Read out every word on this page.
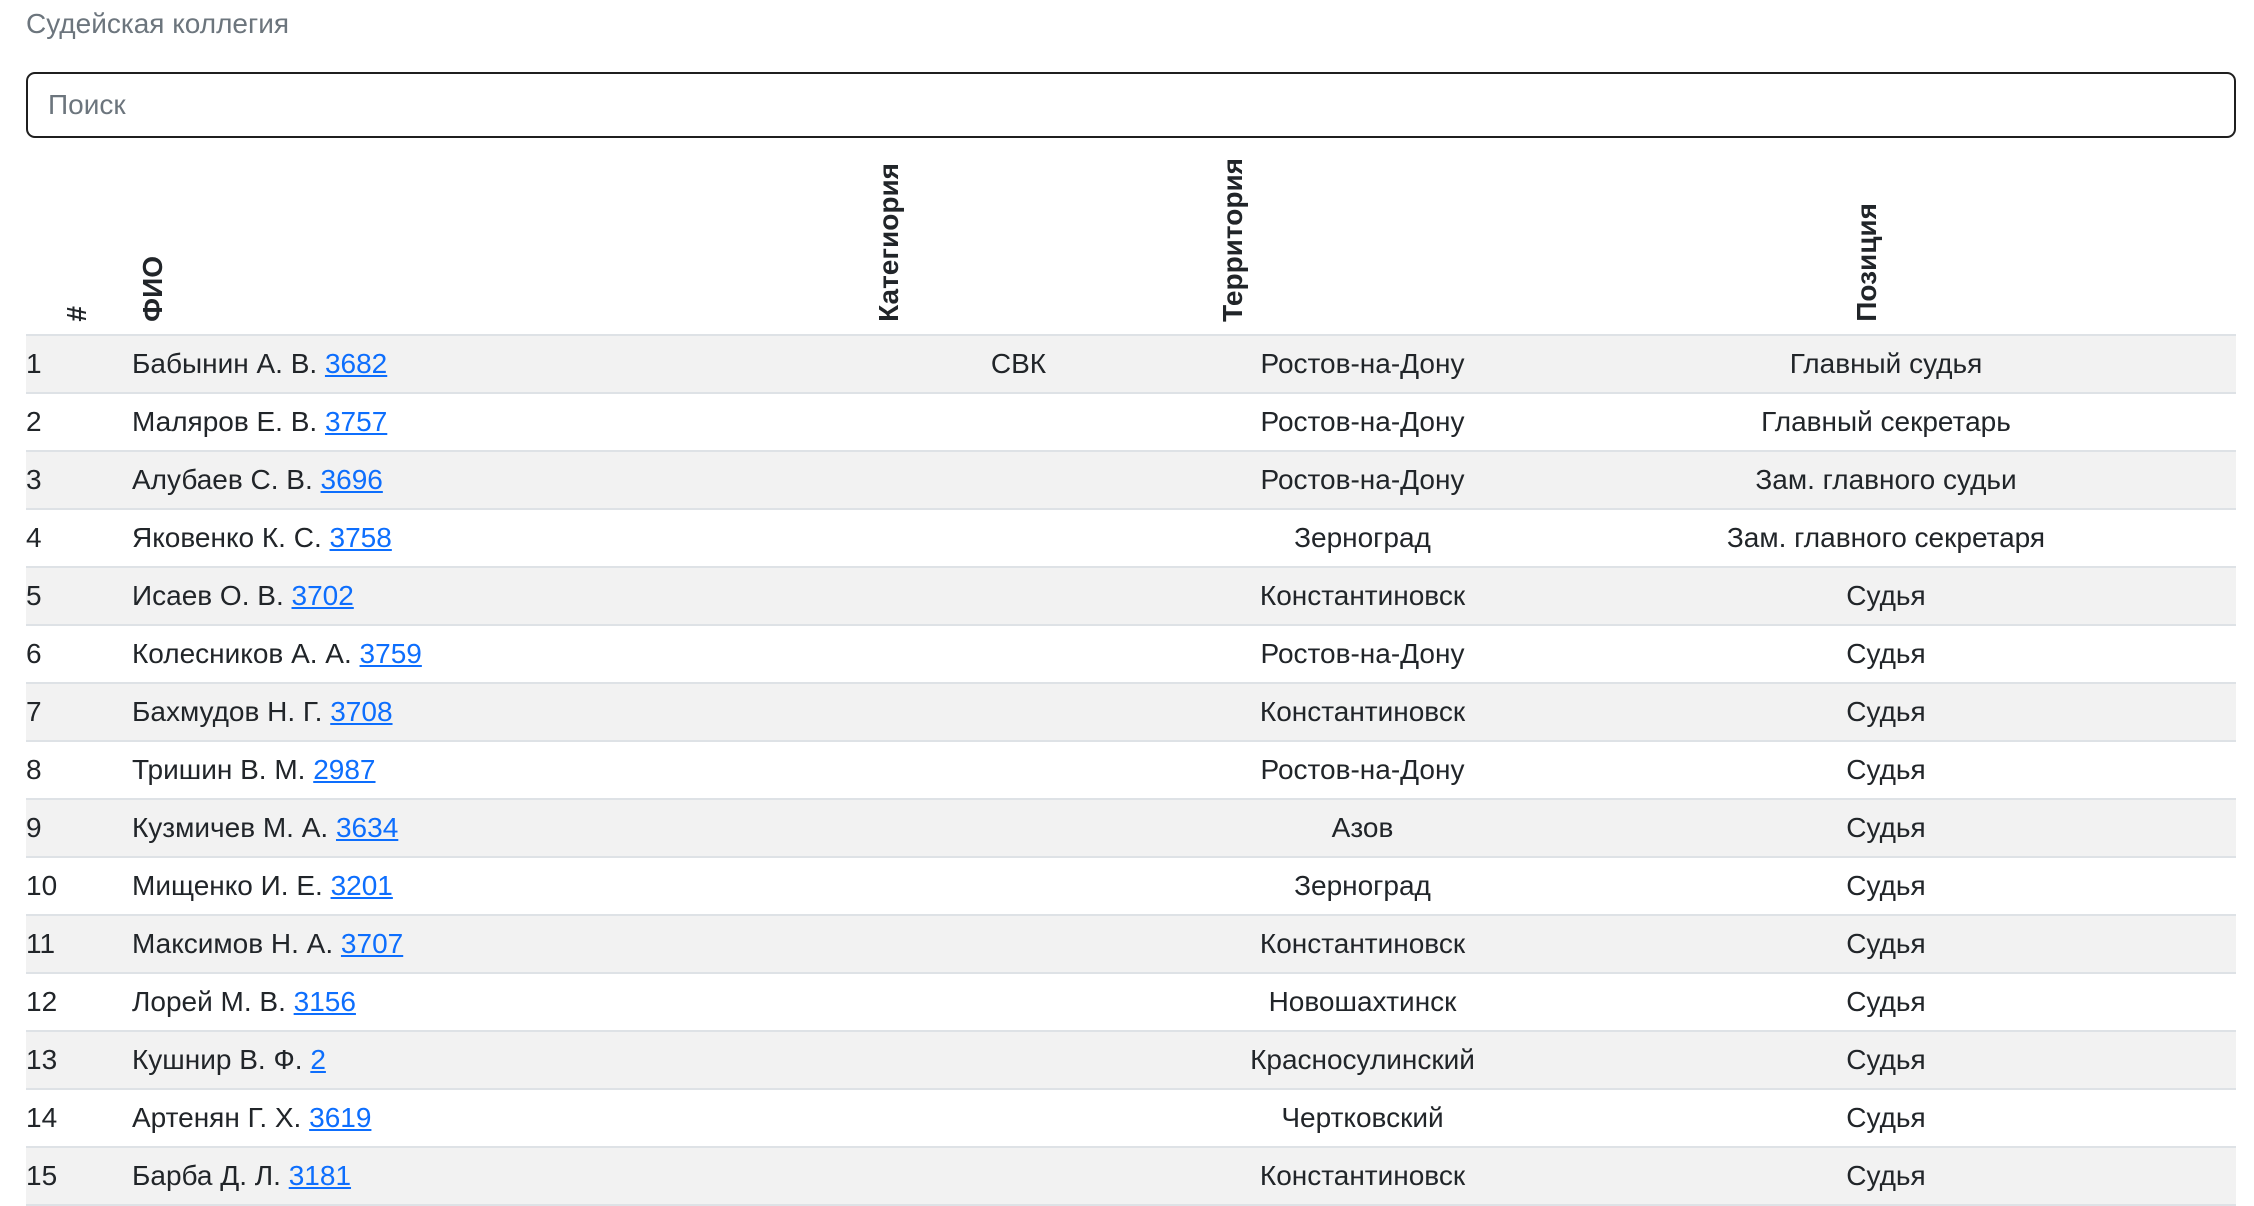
Судейская коллегия
Поиск
# ФИО Категиория Территория Позиция				

1	Бабынин А. В. 3682	СВК	Ростов-на-Дону	Главный судья
2	Маляров Е. В. 3757		Ростов-на-Дону	Главный секретарь
3	Алубаев С. В. 3696		Ростов-на-Дону	Зам. главного судьи
4	Яковенко К. С. 3758		Зерноград	Зам. главного секретаря
5	Исаев О. В. 3702		Константиновск	Судья
6	Колесников А. А. 3759		Ростов-на-Дону	Судья
7	Бахмудов Н. Г. 3708		Константиновск	Судья
8	Тришин В. М. 2987		Ростов-на-Дону	Судья
9	Кузмичев М. А. 3634		Азов	Судья
10	Мищенко И. Е. 3201		Зерноград	Судья
11	Максимов Н. А. 3707		Константиновск	Судья
12	Лорей М. В. 3156		Новошахтинск	Судья
13	Кушнир В. Ф. 2		Красносулинский	Судья
14	Артенян Г. Х. 3619		Чертковский	Судья
15	Барба Д. Л. 3181		Константиновск	Судья
